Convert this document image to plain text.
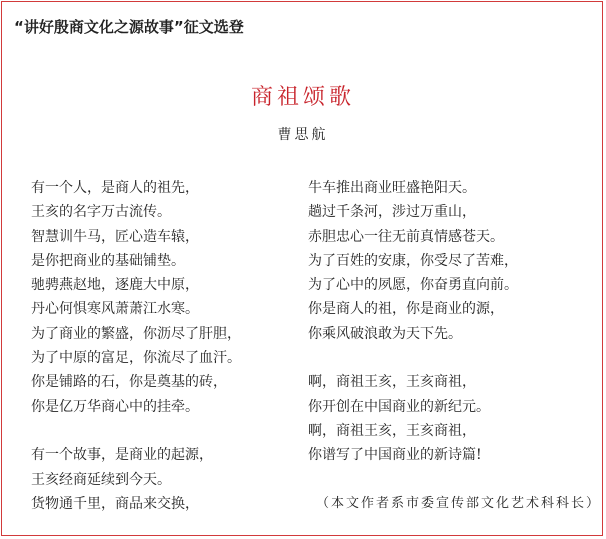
“讲好殷商文化之源故事”征文选登
商祖颂歌
曹思航
有一个人，是商人的祖先，
王亥的名字万古流传。
智慧训牛马，匠心造车辕，
是你把商业的基础铺垫。
驰骋燕赵地，逐鹿大中原，
丹心何惧寒风萧萧江水寒。
为了商业的繁盛，你沥尽了肝胆，
为了中原的富足，你流尽了血汗。
你是铺路的石，你是奠基的砖，
你是亿万华商心中的挂牵。
有一个故事，是商业的起源，
王亥经商延续到今天。
货物通千里，商品来交换，
牛车推出商业旺盛艳阳天。
趟过千条河，涉过万重山，
赤胆忠心一往无前真情感苍天。
为了百姓的安康，你受尽了苦难，
为了心中的夙愿，你奋勇直向前。
你是商人的祖，你是商业的源，
你乘风破浪敢为天下先。
啊，商祖王亥，王亥商祖，
你开创在中国商业的新纪元。
啊，商祖王亥，王亥商祖，
你谱写了中国商业的新诗篇!
（本文作者系市委宣传部文化艺术科科长）
